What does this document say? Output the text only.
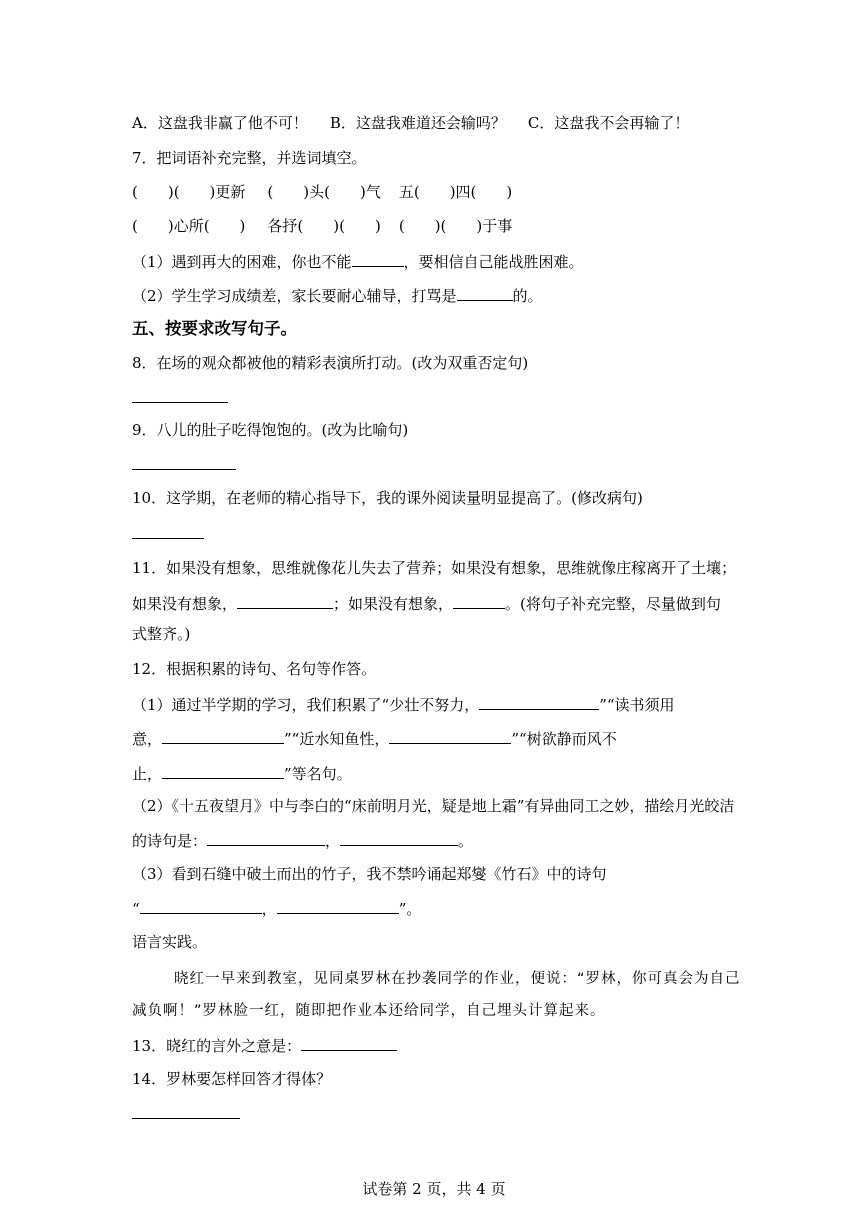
A．这盘我非赢了他不可！ B．这盘我难道还会输吗？ C．这盘我不会再输了！
7．把词语补充完整，并选词填空。
(　　)(　　)更新 (　　)头(　　)气 五(　　)四(　　)
(　　)心所(　　) 各抒(　　)(　　) (　　)(　　)于事
（1）遇到再大的困难，你也不能	，要相信自己能战胜困难。
（2）学生学习成绩差，家长要耐心辅导，打骂是	的。
五、按要求改写句子。
8．在场的观众都被他的精彩表演所打动。(改为双重否定句)
9．八儿的肚子吃得饱饱的。(改为比喻句)
10．这学期，在老师的精心指导下，我的课外阅读量明显提高了。(修改病句)
11．如果没有想象，思维就像花儿失去了营养；如果没有想象，思维就像庄稼离开了土壤；
如果没有想象，	；如果没有想象，	。(将句子补充完整，尽量做到句
式整齐。)
12．根据积累的诗句、名句等作答。
（1）通过半学期的学习，我们积累了“少壮不努力，	”“读书须用
意，	”“近水知鱼性，	”“树欲静而风不
止，	”等名句。
（2）《十五夜望月》中与李白的“床前明月光，疑是地上霜”有异曲同工之妙，描绘月光皎洁
的诗句是：	，	。
（3）看到石缝中破土而出的竹子，我不禁吟诵起郑燮《竹石》中的诗句
“	，	”。
语言实践。
晓红一早来到教室，见同桌罗林在抄袭同学的作业，便说：“罗林，你可真会为自己
减负啊！”罗林脸一红，随即把作业本还给同学，自己埋头计算起来。
13．晓红的言外之意是：
14．罗林要怎样回答才得体？
试卷第 2 页，共 4 页
